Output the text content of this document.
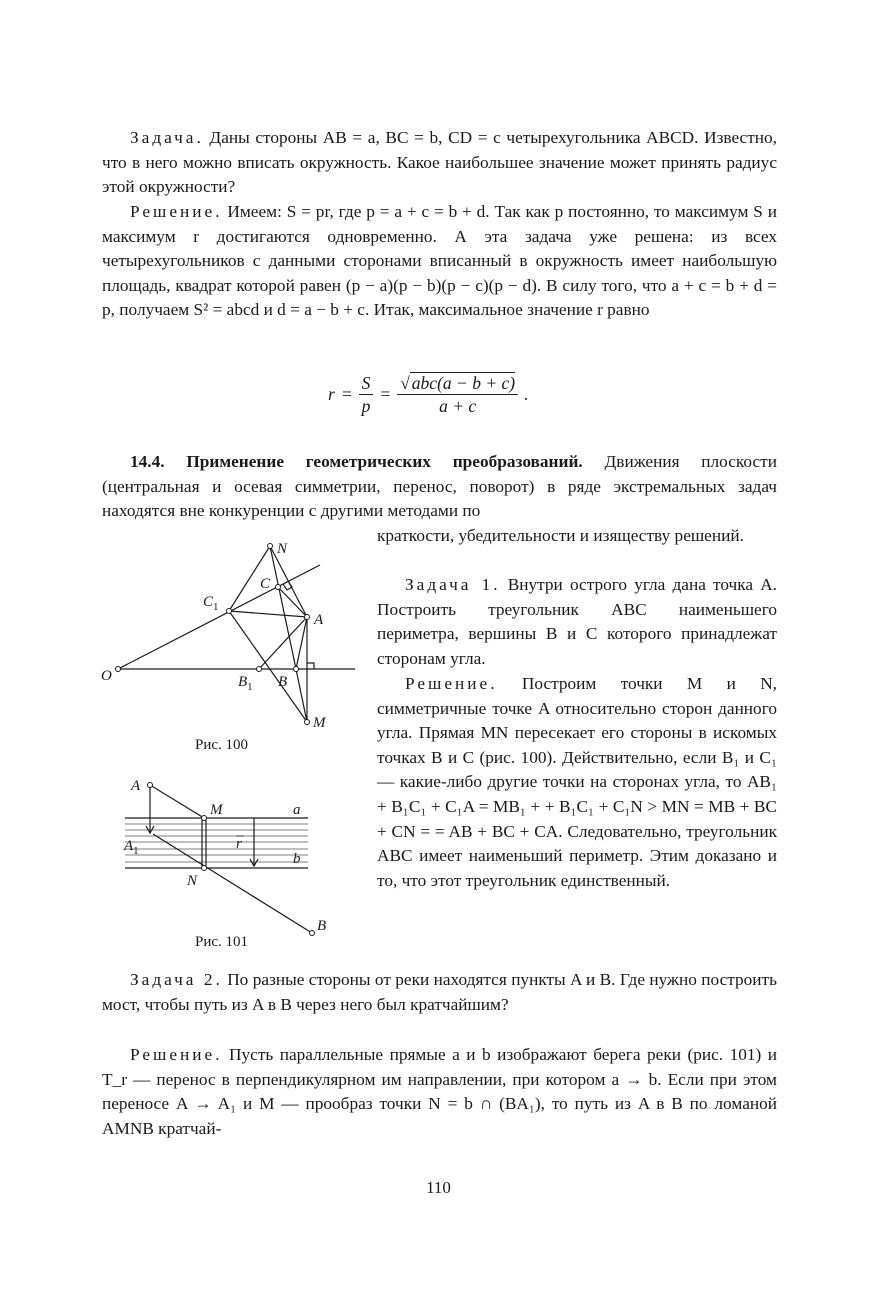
Задача. Даны стороны AB = a, BC = b, CD = c четырехугольника ABCD. Известно, что в него можно вписать окружность. Какое наибольшее значение может принять радиус этой окружности?
Решение. Имеем: S = pr, где p = a + c = b + d. Так как p постоянно, то максимум S и максимум r достигаются одновременно. А эта задача уже решена: из всех четырехугольников с данными сторонами вписанный в окружность имеет наибольшую площадь, квадрат которой равен (p − a)(p − b)(p − c)(p − d). В силу того, что a + c = b + d = p, получаем S² = abcd и d = a − b + c. Итак, максимальное значение r равно
$r = \frac{S}{p} = \frac{\text{√ abc(a − b + c)}}{a + c}$ .
14.4. Применение геометрических преобразований. Движения плоскости (центральная и осевая симметрии, перенос, поворот) в ряде экстремальных задач находятся вне конкуренции с другими методами по
краткости, убедительности и изяществу решений.
Задача 1. Внутри острого угла дана точка A. Построить треугольник ABC наименьшего периметра, вершины B и C которого принадлежат сторонам угла.
Решение. Построим точки M и N, симметричные точке A относительно сторон данного угла. Прямая MN пересекает его стороны в искомых точках B и C (рис. 100). Действительно, если B₁ и C₁ — какие-либо другие точки на сторонах угла, то AB₁ + B₁C₁ + C₁A = MB₁ + + B₁C₁ + C₁N > MN = MB + BC + CN = = AB + BC + CA. Следовательно, треугольник ABC имеет наименьший периметр. Этим доказано и то, что этот треугольник единственный.
O
N
C
$C_1$
A
$B_1$ B
M
Рис. 100
A
M	a
$A_1$	r
b
N
B
Рис. 101
Задача 2. По разные стороны от реки находятся пункты A и B. Где нужно построить мост, чтобы путь из A в B через него был кратчайшим?
Решение. Пусть параллельные прямые a и b изображают берега реки (рис. 101) и T_r — перенос в перпендикулярном им направлении, при котором a → b. Если при этом переносе A → A₁ и M — прообраз точки N = b ∩ (BA₁), то путь из A в B по ломаной AMNB кратчай-
110
